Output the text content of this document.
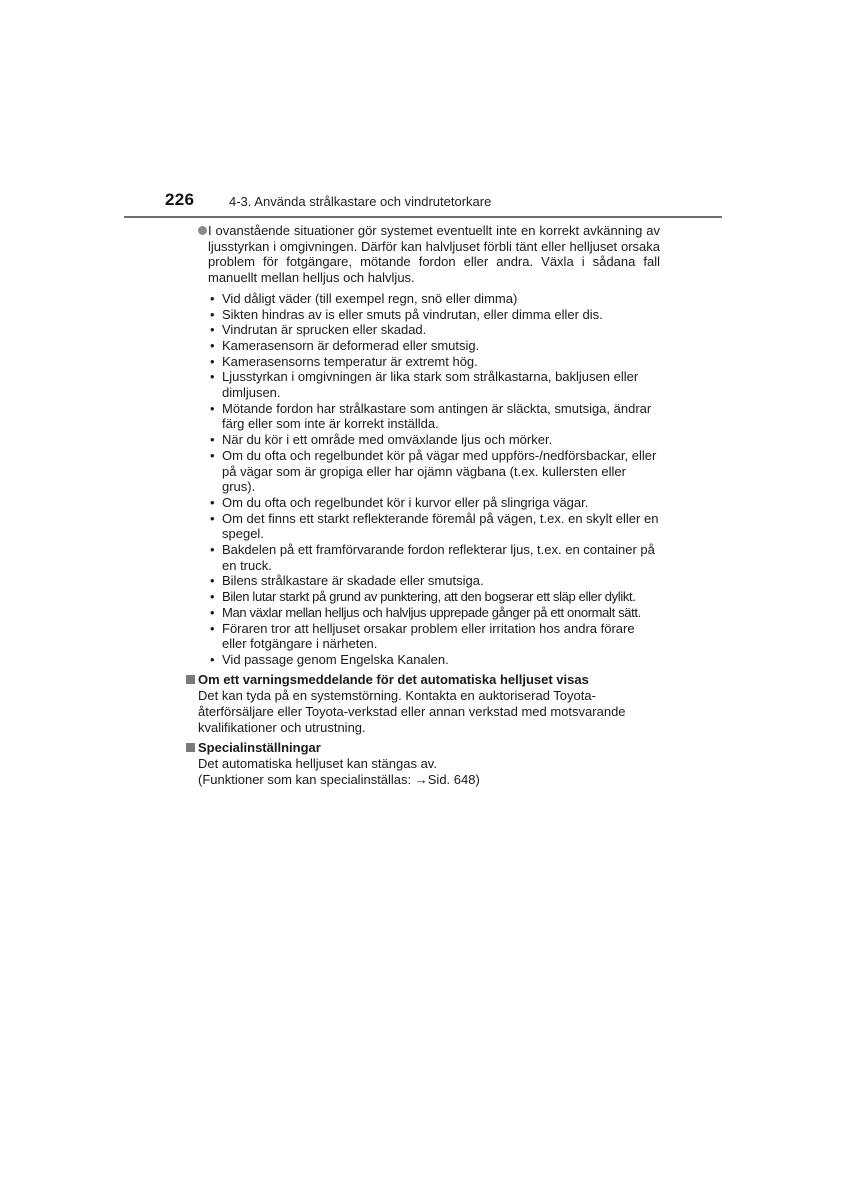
226	4-3. Använda strålkastare och vindrutetorkare
I ovanstående situationer gör systemet eventuellt inte en korrekt avkänning av ljusstyrkan i omgivningen. Därför kan halvljuset förbli tänt eller helljuset orsaka problem för fotgängare, mötande fordon eller andra. Växla i sådana fall manuellt mellan helljus och halvljus.
• Vid dåligt väder (till exempel regn, snö eller dimma)
• Sikten hindras av is eller smuts på vindrutan, eller dimma eller dis.
• Vindrutan är sprucken eller skadad.
• Kamerasensorn är deformerad eller smutsig.
• Kamerasensorns temperatur är extremt hög.
• Ljusstyrkan i omgivningen är lika stark som strålkastarna, bakljusen eller dimljusen.
• Mötande fordon har strålkastare som antingen är släckta, smutsiga, ändrar färg eller som inte är korrekt inställda.
• När du kör i ett område med omväxlande ljus och mörker.
• Om du ofta och regelbundet kör på vägar med uppförs-/nedförsbackar, eller på vägar som är gropiga eller har ojämn vägbana (t.ex. kullersten eller grus).
• Om du ofta och regelbundet kör i kurvor eller på slingriga vägar.
• Om det finns ett starkt reflekterande föremål på vägen, t.ex. en skylt eller en spegel.
• Bakdelen på ett framförvarande fordon reflekterar ljus, t.ex. en container på en truck.
• Bilens strålkastare är skadade eller smutsiga.
• Bilen lutar starkt på grund av punktering, att den bogserar ett släp eller dylikt.
• Man växlar mellan helljus och halvljus upprepade gånger på ett onormalt sätt.
• Föraren tror att helljuset orsakar problem eller irritation hos andra förare eller fotgängare i närheten.
• Vid passage genom Engelska Kanalen.
Om ett varningsmeddelande för det automatiska helljuset visas

Det kan tyda på en systemstörning. Kontakta en auktoriserad Toyota-återförsäljare eller Toyota-verkstad eller annan verkstad med motsvarande kvalifikationer och utrustning.

Specialinställningar

Det automatiska helljuset kan stängas av.

(Funktioner som kan specialinställas: →Sid. 648)
